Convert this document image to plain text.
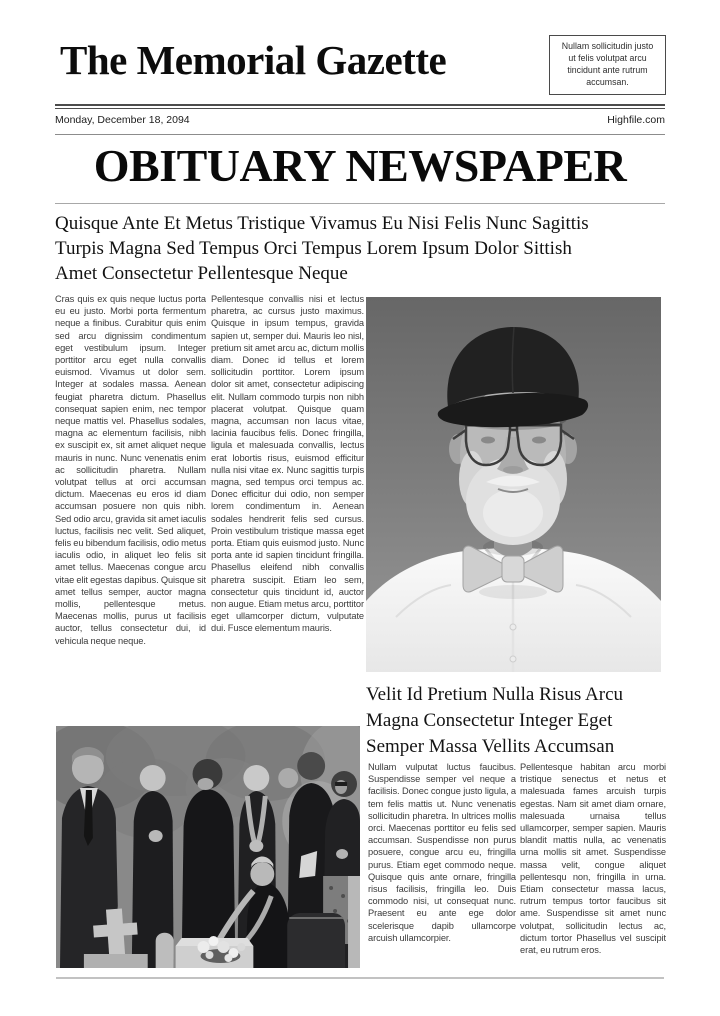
The Memorial Gazette	Nullam sollicitudin justo ut felis volutpat arcu tincidunt ante rutrum accumsan.
Monday, December 18, 2094	Highfile.com
OBITUARY NEWSPAPER
Quisque Ante Et Metus Tristique Vivamus Eu Nisi Felis Nunc Sagittis
Turpis Magna Sed Tempus Orci Tempus Lorem Ipsum Dolor Sittish
Amet Consectetur Pellentesque Neque
Cras quis ex quis neque luctus porta eu eu justo. Morbi porta fermentum neque a finibus. Curabitur quis enim sed arcu dignissim condimentum eget vestibulum ipsum. Integer porttitor arcu eget nulla convallis euismod. Vivamus ut dolor sem. Integer at sodales massa. Aenean feugiat pharetra dictum. Phasellus consequat sapien enim, nec tempor neque mattis vel. Phasellus sodales, magna ac elementum facilisis, nibh ex suscipit ex, sit amet aliquet neque mauris in nunc. Nunc venenatis enim ac sollicitudin pharetra. Nullam volutpat tellus at orci accumsan dictum. Maecenas eu eros id diam accumsan posuere non quis nibh. Sed odio arcu, gravida sit amet iaculis luctus, facilisis nec velit. Sed aliquet, felis eu bibendum facilisis, odio metus iaculis odio, in aliquet leo felis sit amet tellus. Maecenas congue arcu vitae elit egestas dapibus. Quisque sit amet tellus semper, auctor magna mollis, pellentesque metus. Maecenas mollis, purus ut facilisis auctor, tellus consectetur dui, id vehicula neque neque.
Pellentesque convallis nisi et lectus pharetra, ac cursus justo maximus. Quisque in ipsum tempus, gravida sapien ut, semper dui. Mauris leo nisl, pretium sit amet arcu ac, dictum mollis diam. Donec id tellus et lorem sollicitudin porttitor. Lorem ipsum dolor sit amet, consectetur adipiscing elit. Nullam commodo turpis non nibh placerat volutpat. Quisque quam magna, accumsan non lacus vitae, lacinia faucibus felis. Donec fringilla, ligula et malesuada convallis, lectus erat lobortis risus, euismod efficitur nulla nisi vitae ex. Nunc sagittis turpis magna, sed tempus orci tempus ac. Donec efficitur dui odio, non semper lorem condimentum in. Aenean sodales hendrerit felis sed cursus. Proin vestibulum tristique massa eget porta. Etiam quis euismod justo. Nunc porta ante id sapien tincidunt fringilla. Phasellus eleifend nibh convallis pharetra suscipit. Etiam leo sem, consectetur quis tincidunt id, auctor non augue. Etiam metus arcu, porttitor eget ullamcorper dictum, vulputate dui. Fusce elementum mauris.
Velit Id Pretium Nulla Risus Arcu
Magna Consectetur Integer Eget
Semper Massa Vellits Accumsan
Nullam vulputat luctus faucibus. Suspendisse semper vel neque a facilisis. Donec congue justo ligula, a tem felis mattis ut. Nunc venenatis sollicitudin pharetra. In ultrices mollis orci. Maecenas porttitor eu felis sed accumsan. Suspendisse non purus posuere, congue arcu eu, fringilla purus. Etiam eget commodo neque. Quisque quis ante ornare, fringilla risus facilisis, fringilla leo. Duis commodo nisi, ut consequat nunc. Praesent eu ante ege dolor scelerisque dapib ullamcorpe arcuish ullamcorpier.
Pellentesque habitan arcu morbi tristique senectus et netus et malesuada fames arcuish turpis egestas. Nam sit amet diam ornare, malesuada urnaisa tellus ullamcorper, semper sapien. Mauris blandit mattis nulla, ac venenatis urna mollis sit amet. Suspendisse massa velit, congue aliquet pellentesqu non, fringilla in urna. Etiam consectetur massa lacus, rutrum tempus tortor faucibus sit ame. Suspendisse sit amet nunc volutpat, sollicitudin lectus ac, dictum tortor Phasellus vel suscipit erat, eu rutrum eros.
